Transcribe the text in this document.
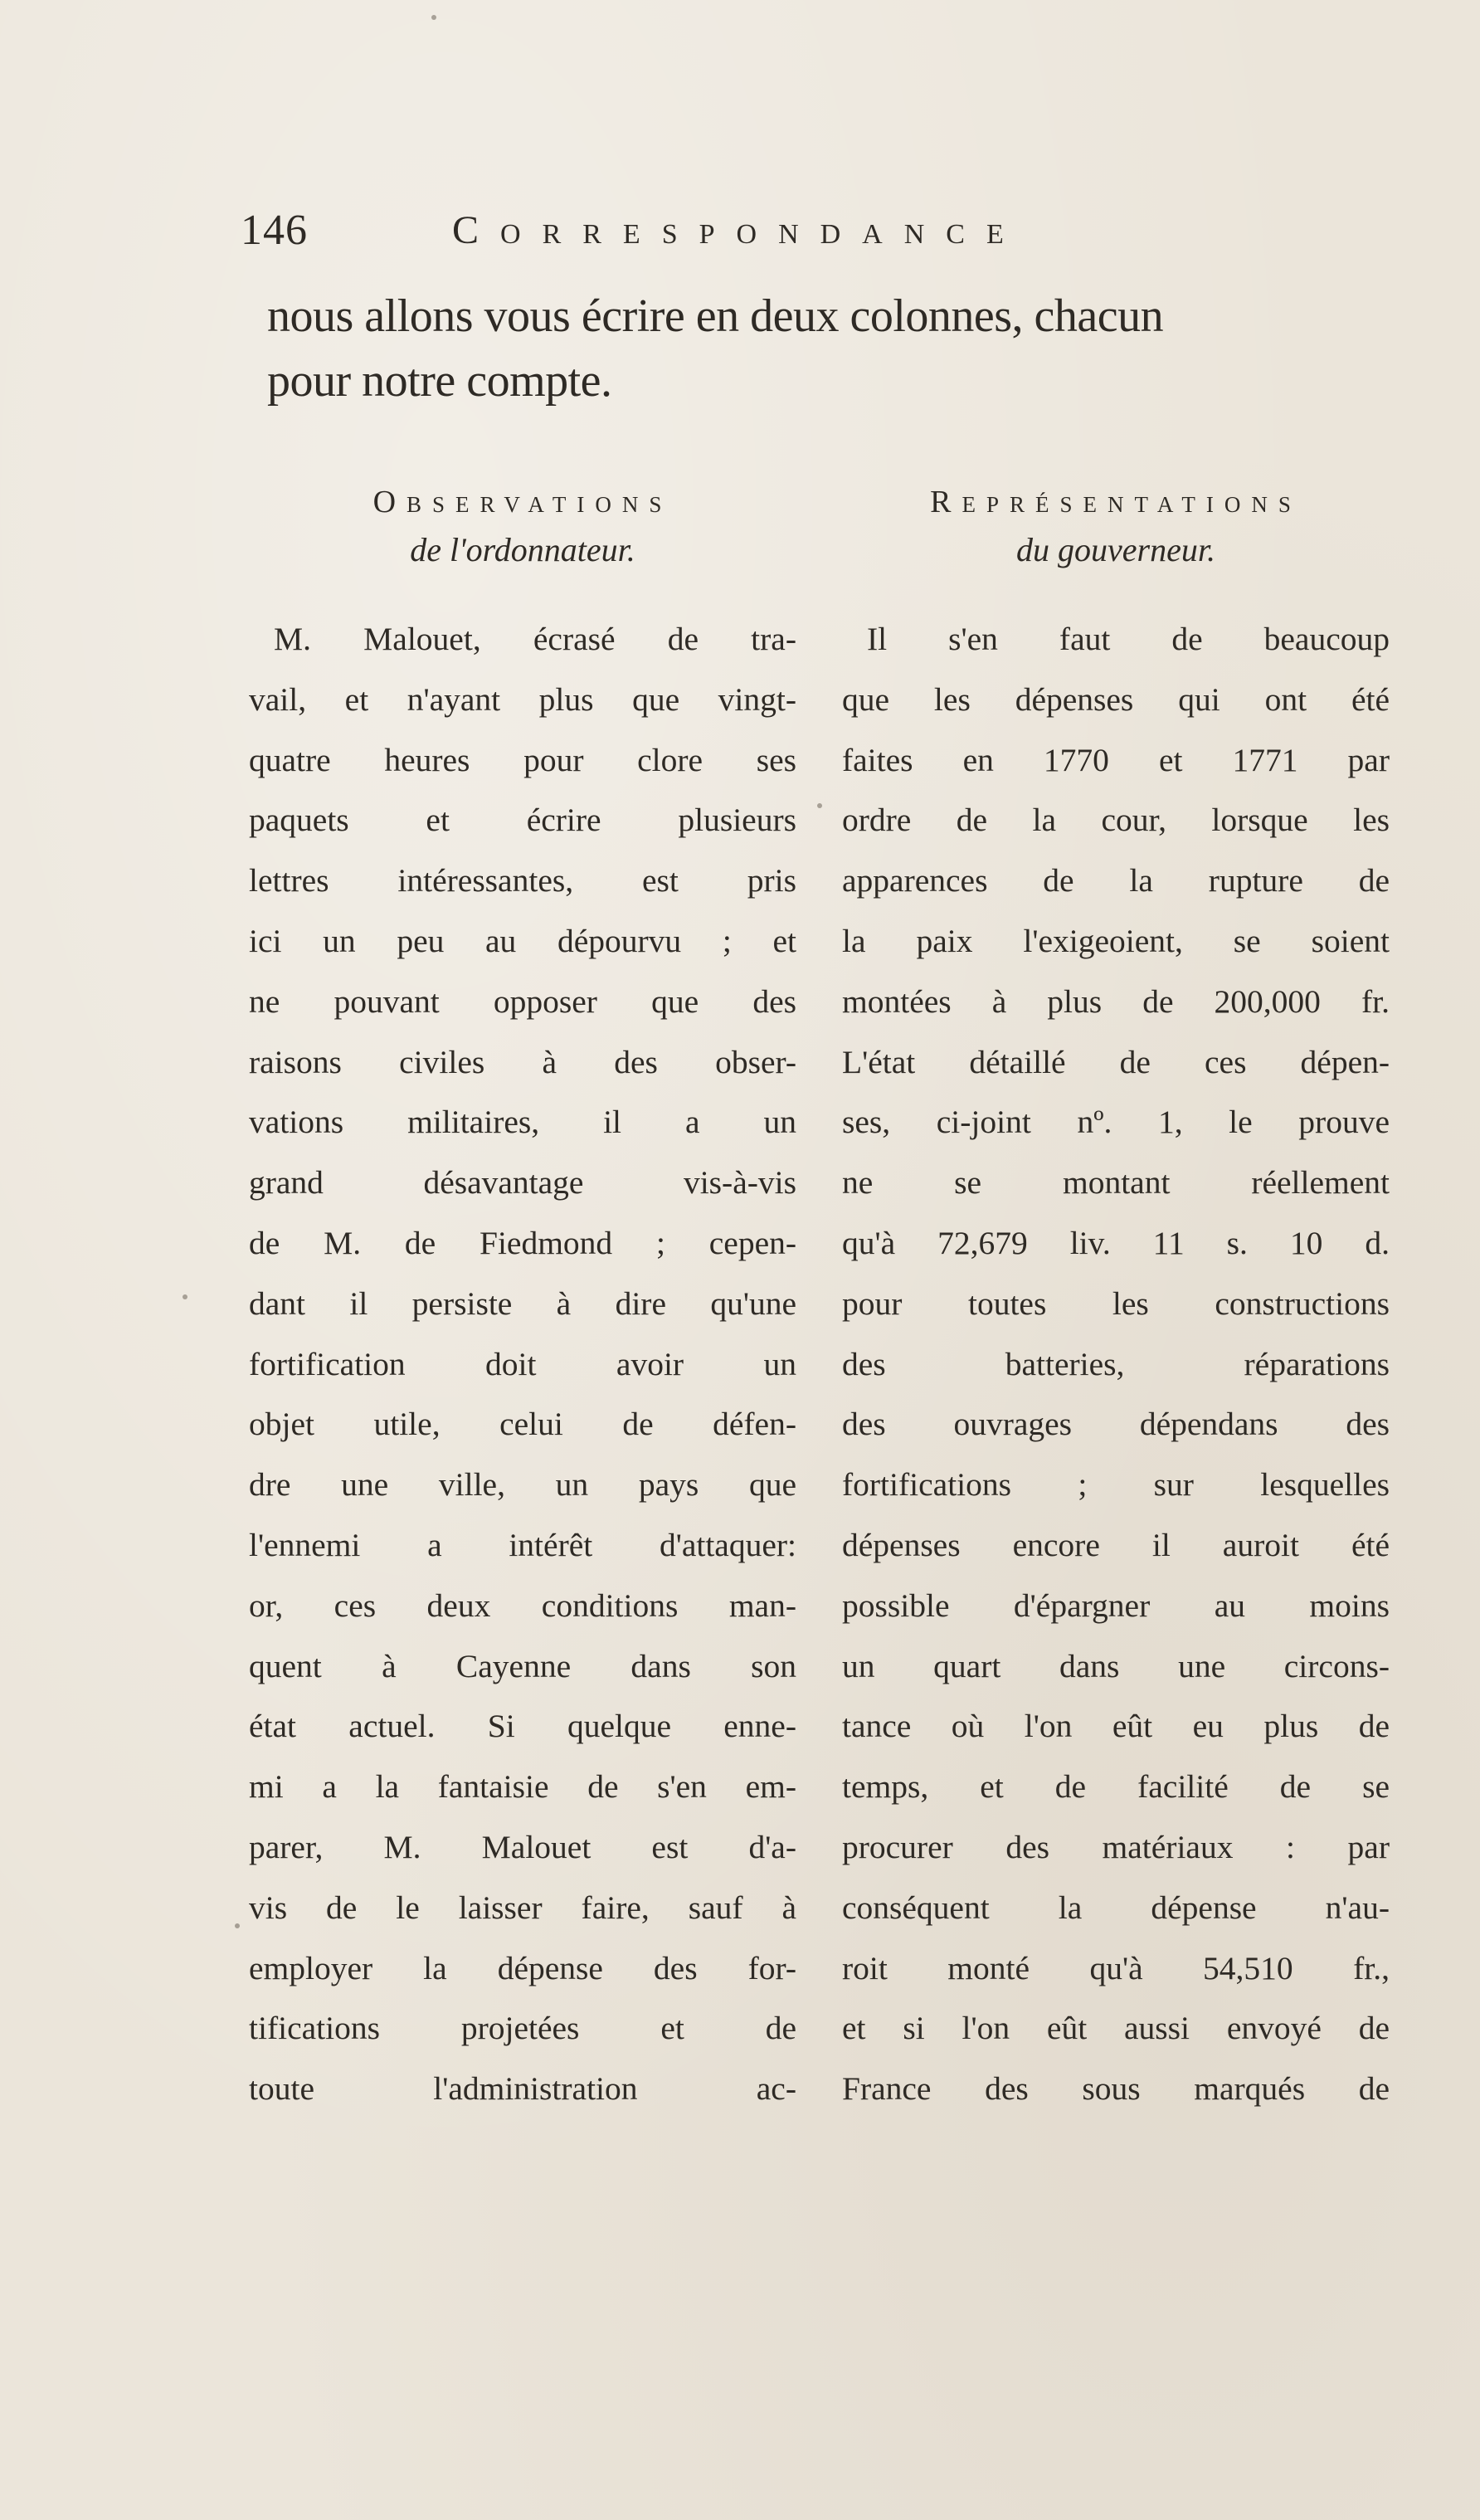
146	Correspondance
nous allons vous écrire en deux colonnes, chacun
pour notre compte.
Observations
de l'ordonnateur.
M. Malouet, écrasé de tra-
vail, et n'ayant plus que vingt-
quatre heures pour clore ses
paquets et écrire plusieurs
lettres intéressantes, est pris
ici un peu au dépourvu ; et
ne pouvant opposer que des
raisons civiles à des obser-
vations militaires, il a un
grand désavantage vis-à-vis
de M. de Fiedmond ; cepen-
dant il persiste à dire qu'une
fortification doit avoir un
objet utile, celui de défen-
dre une ville, un pays que
l'ennemi a intérêt d'attaquer:
or, ces deux conditions man-
quent à Cayenne dans son
état actuel. Si quelque enne-
mi a la fantaisie de s'en em-
parer, M. Malouet est d'a-
vis de le laisser faire, sauf à
employer la dépense des for-
tifications projetées et de
toute l'administration ac-
Représentations
du gouverneur.
Il s'en faut de beaucoup
que les dépenses qui ont été
faites en 1770 et 1771 par
ordre de la cour, lorsque les
apparences de la rupture de
la paix l'exigeoient, se soient
montées à plus de 200,000 fr.
L'état détaillé de ces dépen-
ses, ci-joint nº. 1, le prouve
ne se montant réellement
qu'à 72,679 liv. 11 s. 10 d.
pour toutes les constructions
des batteries, réparations
des ouvrages dépendans des
fortifications ; sur lesquelles
dépenses encore il auroit été
possible d'épargner au moins
un quart dans une circons-
tance où l'on eût eu plus de
temps, et de facilité de se
procurer des matériaux : par
conséquent la dépense n'au-
roit monté qu'à 54,510 fr.,
et si l'on eût aussi envoyé de
France des sous marqués de
